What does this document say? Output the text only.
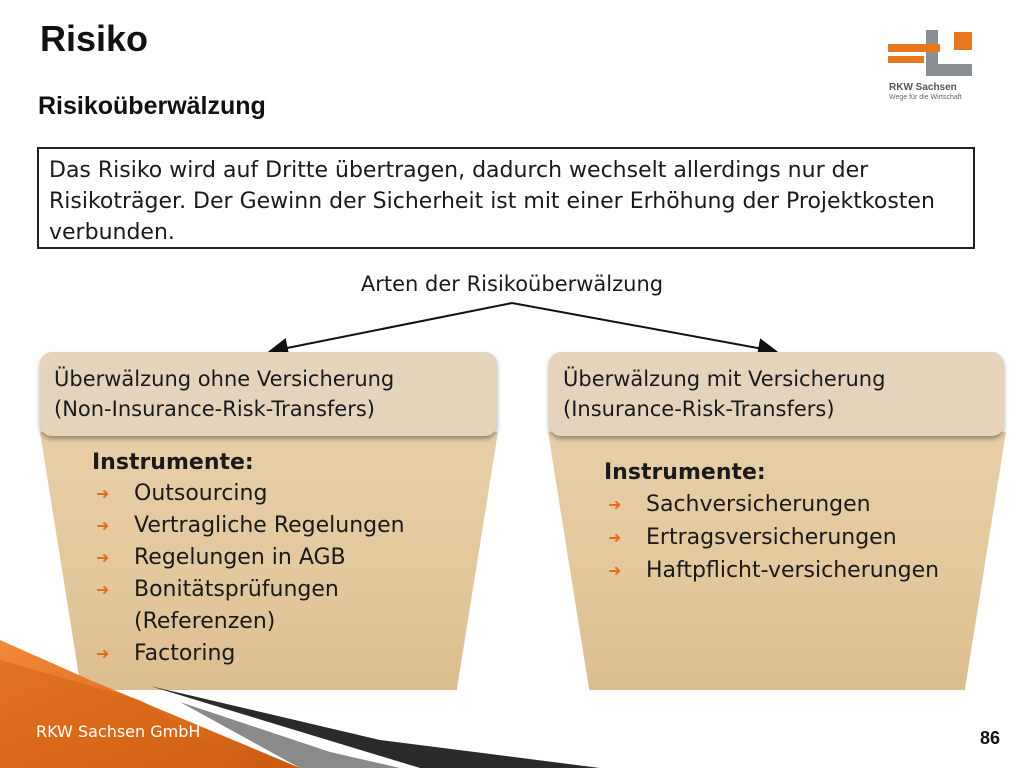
Risiko
Risikoüberwälzung
RKW Sachsen
Wege für die Wirtschaft
Das Risiko wird auf Dritte übertragen, dadurch wechselt allerdings nur der Risikoträger. Der Gewinn der Sicherheit ist mit einer Erhöhung der Projektkosten verbunden.
Arten der Risikoüberwälzung
Überwälzung ohne Versicherung
(Non-Insurance-Risk-Transfers)
Überwälzung mit Versicherung
(Insurance-Risk-Transfers)
Instrumente:
➜ Outsourcing
➜ Vertragliche Regelungen
➜ Regelungen in AGB
➜ Bonitätsprüfungen (Referenzen)
➜ Factoring
Instrumente:
➜ Sachversicherungen
➜ Ertragsversicherungen
➜ Haftpflicht-versicherungen
RKW Sachsen GmbH	86
